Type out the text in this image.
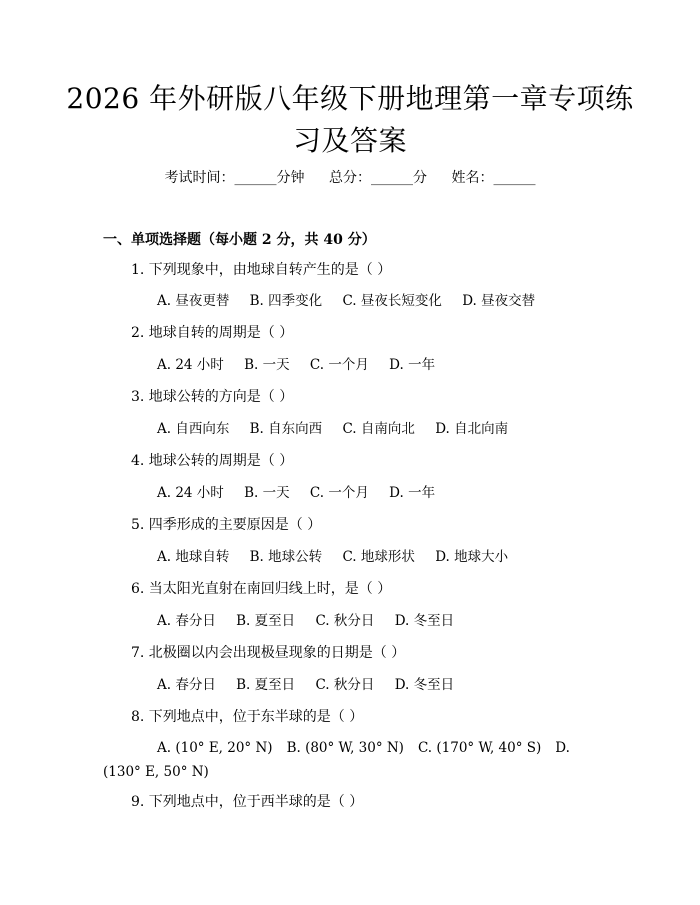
2026 年外研版八年级下册地理第一章专项练
习及答案
考试时间：______分钟 总分：______分 姓名：______
一、单项选择题（每小题 2 分，共 40 分）
1. 下列现象中，由地球自转产生的是（ ）
A. 昼夜更替 B. 四季变化 C. 昼夜长短变化 D. 昼夜交替
2. 地球自转的周期是（ ）
A. 24 小时 B. 一天 C. 一个月 D. 一年
3. 地球公转的方向是（ ）
A. 自西向东 B. 自东向西 C. 自南向北 D. 自北向南
4. 地球公转的周期是（ ）
A. 24 小时 B. 一天 C. 一个月 D. 一年
5. 四季形成的主要原因是（ ）
A. 地球自转 B. 地球公转 C. 地球形状 D. 地球大小
6. 当太阳光直射在南回归线上时，是（ ）
A. 春分日 B. 夏至日 C. 秋分日 D. 冬至日
7. 北极圈以内会出现极昼现象的日期是（ ）
A. 春分日 B. 夏至日 C. 秋分日 D. 冬至日
8. 下列地点中，位于东半球的是（ ）
A. (10° E, 20° N) B. (80° W, 30° N) C. (170° W, 40° S) D. (130° E, 50° N)
9. 下列地点中，位于西半球的是（ ）
